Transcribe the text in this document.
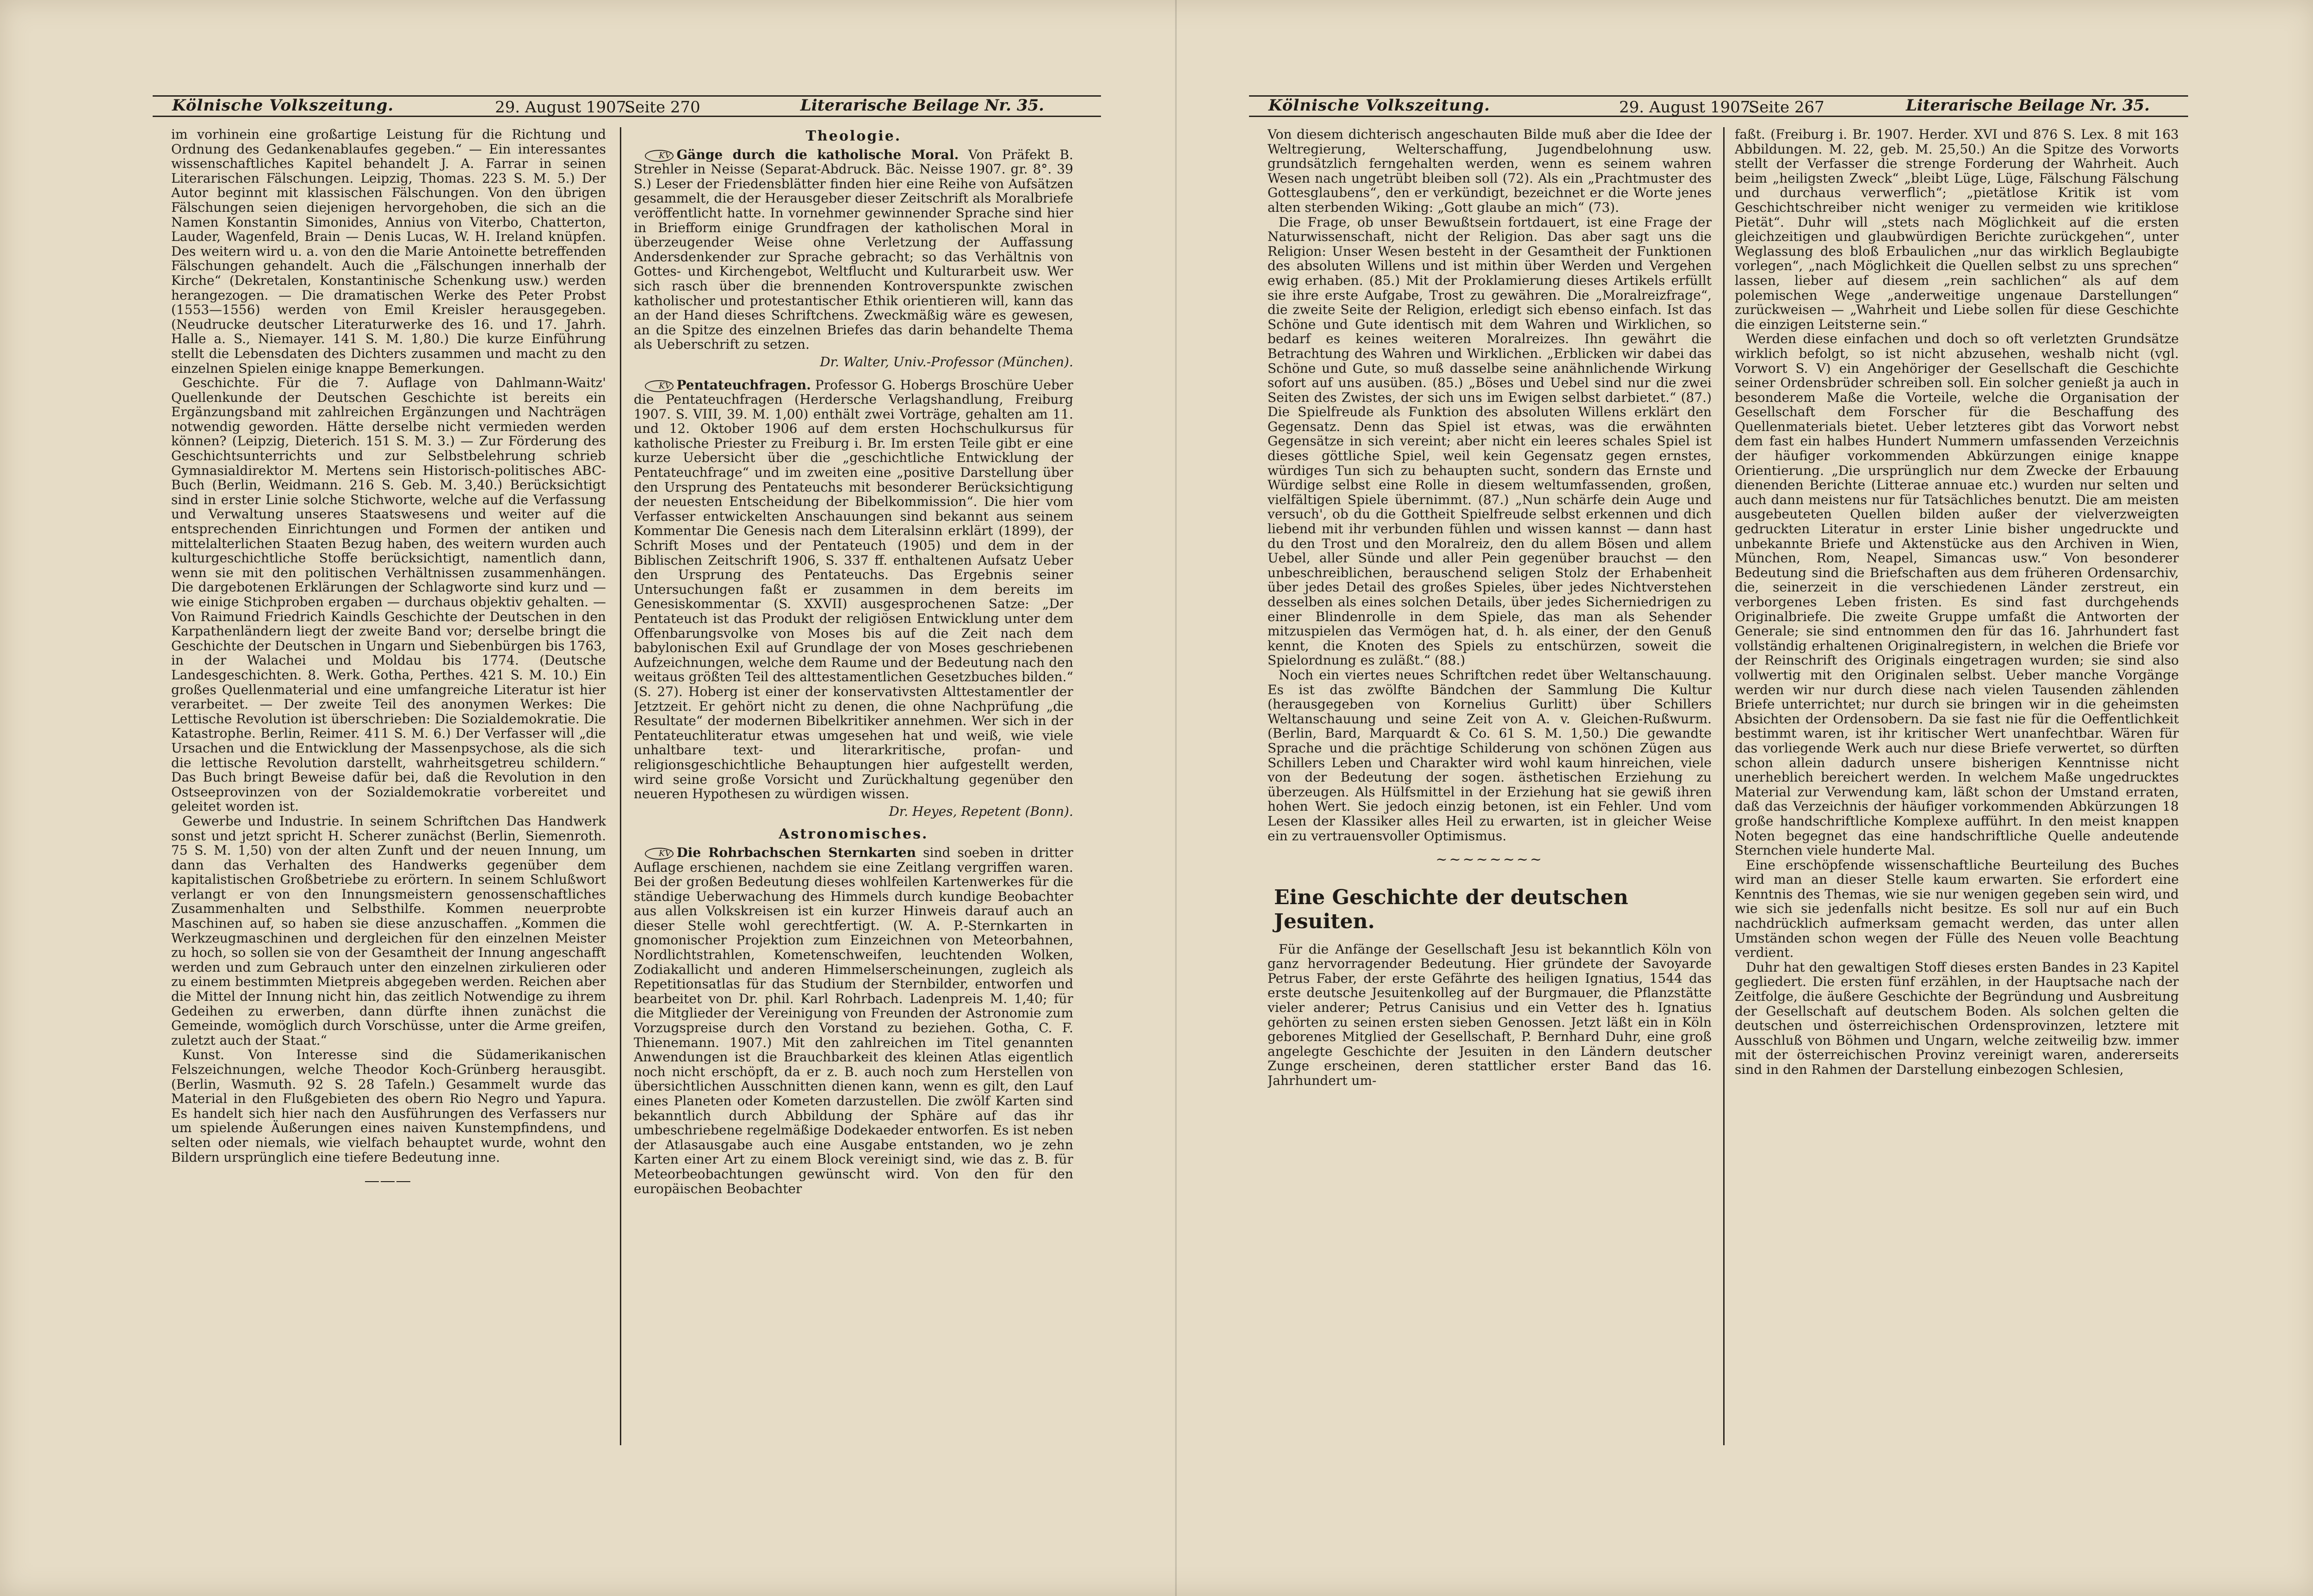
Kölnische Volkszeitung.	29. August 1907.
Seite 270	Literarische Beilage Nr. 35.

im vorhinein eine großartige Leistung für die Richtung und Ordnung des Gedankenablaufes gegeben.“ — Ein interessantes wissenschaftliches Kapitel behandelt J. A. Farrar in seinen Literarischen Fälschungen. Leipzig, Thomas. 223 S. M. 5.) Der Autor beginnt mit klassischen Fälschungen. Von den übrigen Fälschungen seien diejenigen hervorgehoben, die sich an die Namen Konstantin Simonides, Annius von Viterbo, Chatterton, Lauder, Wagenfeld, Brain — Denis Lucas, W. H. Ireland knüpfen. Des weitern wird u. a. von den die Marie Antoinette betreffenden Fälschungen gehandelt. Auch die „Fälschungen innerhalb der Kirche“ (Dekretalen, Konstantinische Schenkung usw.) werden herangezogen. — Die dramatischen Werke des Peter Probst (1553—1556) werden von Emil Kreisler herausgegeben. (Neudrucke deutscher Literaturwerke des 16. und 17. Jahrh. Halle a. S., Niemayer. 141 S. M. 1,80.) Die kurze Einführung stellt die Lebensdaten des Dichters zusammen und macht zu den einzelnen Spielen einige knappe Bemerkungen.

Geschichte. Für die 7. Auflage von Dahlmann-Waitz' Quellenkunde der Deutschen Geschichte ist bereits ein Ergänzungsband mit zahlreichen Ergänzungen und Nachträgen notwendig geworden. Hätte derselbe nicht vermieden werden können? (Leipzig, Dieterich. 151 S. M. 3.) — Zur Förderung des Geschichtsunterrichts und zur Selbstbelehrung schrieb Gymnasialdirektor M. Mertens sein Historisch-politisches ABC-Buch (Berlin, Weidmann. 216 S. Geb. M. 3,40.) Berücksichtigt sind in erster Linie solche Stichworte, welche auf die Verfassung und Verwaltung unseres Staatswesens und weiter auf die entsprechenden Einrichtungen und Formen der antiken und mittelalterlichen Staaten Bezug haben, des weitern wurden auch kulturgeschichtliche Stoffe berücksichtigt, namentlich dann, wenn sie mit den politischen Verhältnissen zusammenhängen. Die dargebotenen Erklärungen der Schlagworte sind kurz und — wie einige Stichproben ergaben — durchaus objektiv gehalten. — Von Raimund Friedrich Kaindls Geschichte der Deutschen in den Karpathenländern liegt der zweite Band vor; derselbe bringt die Geschichte der Deutschen in Ungarn und Siebenbürgen bis 1763, in der Walachei und Moldau bis 1774. (Deutsche Landesgeschichten. 8. Werk. Gotha, Perthes. 421 S. M. 10.) Ein großes Quellenmaterial und eine umfangreiche Literatur ist hier verarbeitet. — Der zweite Teil des anonymen Werkes: Die Lettische Revolution ist überschrieben: Die Sozialdemokratie. Die Katastrophe. Berlin, Reimer. 411 S. M. 6.) Der Verfasser will „die Ursachen und die Entwicklung der Massenpsychose, als die sich die lettische Revolution darstellt, wahrheitsgetreu schildern.“ Das Buch bringt Beweise dafür bei, daß die Revolution in den Ostseeprovinzen von der Sozialdemokratie vorbereitet und geleitet worden ist.

Gewerbe und Industrie. In seinem Schriftchen Das Handwerk sonst und jetzt spricht H. Scherer zunächst (Berlin, Siemenroth. 75 S. M. 1,50) von der alten Zunft und der neuen Innung, um dann das Verhalten des Handwerks gegenüber dem kapitalistischen Großbetriebe zu erörtern. In seinem Schlußwort verlangt er von den Innungsmeistern genossenschaftliches Zusammenhalten und Selbsthilfe. Kommen neuerprobte Maschinen auf, so haben sie diese anzuschaffen. „Kommen die Werkzeugmaschinen und dergleichen für den einzelnen Meister zu hoch, so sollen sie von der Gesamtheit der Innung angeschafft werden und zum Gebrauch unter den einzelnen zirkulieren oder zu einem bestimmten Mietpreis abgegeben werden. Reichen aber die Mittel der Innung nicht hin, das zeitlich Notwendige zu ihrem Gedeihen zu erwerben, dann dürfte ihnen zunächst die Gemeinde, womöglich durch Vorschüsse, unter die Arme greifen, zuletzt auch der Staat.“

Kunst. Von Interesse sind die Südamerikanischen Felszeichnungen, welche Theodor Koch-Grünberg herausgibt. (Berlin, Wasmuth. 92 S. 28 Tafeln.) Gesammelt wurde das Material in den Flußgebieten des obern Rio Negro und Yapura. Es handelt sich hier nach den Ausführungen des Verfassers nur um spielende Äußerungen eines naiven Kunstempfindens, und selten oder niemals, wie vielfach behauptet wurde, wohnt den Bildern ursprünglich eine tiefere Bedeutung inne.

―――
Theologie.

KV Gänge durch die katholische Moral. Von Präfekt B. Strehler in Neisse (Separat-Abdruck. Bäc. Neisse 1907. gr. 8°. 39 S.) Leser der Friedensblätter finden hier eine Reihe von Aufsätzen gesammelt, die der Herausgeber dieser Zeitschrift als Moralbriefe veröffentlicht hatte. In vornehmer gewinnender Sprache sind hier in Briefform einige Grundfragen der katholischen Moral in überzeugender Weise ohne Verletzung der Auffassung Andersdenkender zur Sprache gebracht; so das Verhältnis von Gottes- und Kirchengebot, Weltflucht und Kulturarbeit usw. Wer sich rasch über die brennenden Kontroverspunkte zwischen katholischer und protestantischer Ethik orientieren will, kann das an der Hand dieses Schriftchens. Zweckmäßig wäre es gewesen, an die Spitze des einzelnen Briefes das darin behandelte Thema als Ueberschrift zu setzen.

Dr. Walter, Univ.-Professor (München).

KV Pentateuchfragen. Professor G. Hobergs Broschüre Ueber die Pentateuchfragen (Herdersche Verlagshandlung, Freiburg 1907. S. VIII, 39. M. 1,00) enthält zwei Vorträge, gehalten am 11. und 12. Oktober 1906 auf dem ersten Hochschulkursus für katholische Priester zu Freiburg i. Br. Im ersten Teile gibt er eine kurze Uebersicht über die „geschichtliche Entwicklung der Pentateuchfrage“ und im zweiten eine „positive Darstellung über den Ursprung des Pentateuchs mit besonderer Berücksichtigung der neuesten Entscheidung der Bibelkommission“. Die hier vom Verfasser entwickelten Anschauungen sind bekannt aus seinem Kommentar Die Genesis nach dem Literalsinn erklärt (1899), der Schrift Moses und der Pentateuch (1905) und dem in der Biblischen Zeitschrift 1906, S. 337 ff. enthaltenen Aufsatz Ueber den Ursprung des Pentateuchs. Das Ergebnis seiner Untersuchungen faßt er zusammen in dem bereits im Genesiskommentar (S. XXVII) ausgesprochenen Satze: „Der Pentateuch ist das Produkt der religiösen Entwicklung unter dem Offenbarungsvolke von Moses bis auf die Zeit nach dem babylonischen Exil auf Grundlage der von Moses geschriebenen Aufzeichnungen, welche dem Raume und der Bedeutung nach den weitaus größten Teil des alttestamentlichen Gesetzbuches bilden.“ (S. 27). Hoberg ist einer der konservativsten Alttestamentler der Jetztzeit. Er gehört nicht zu denen, die ohne Nachprüfung „die Resultate“ der modernen Bibelkritiker annehmen. Wer sich in der Pentateuchliteratur etwas umgesehen hat und weiß, wie viele unhaltbare text- und literarkritische, profan- und religionsgeschichtliche Behauptungen hier aufgestellt werden, wird seine große Vorsicht und Zurückhaltung gegenüber den neueren Hypothesen zu würdigen wissen.

Dr. Heyes, Repetent (Bonn).
Astronomisches.

KV Die Rohrbachschen Sternkarten sind soeben in dritter Auflage erschienen, nachdem sie eine Zeitlang vergriffen waren. Bei der großen Bedeutung dieses wohlfeilen Kartenwerkes für die ständige Ueberwachung des Himmels durch kundige Beobachter aus allen Volkskreisen ist ein kurzer Hinweis darauf auch an dieser Stelle wohl gerechtfertigt. (W. A. P.-Sternkarten in gnomonischer Projektion zum Einzeichnen von Meteorbahnen, Nordlichtstrahlen, Kometenschweifen, leuchtenden Wolken, Zodiakallicht und anderen Himmelserscheinungen, zugleich als Repetitionsatlas für das Studium der Sternbilder, entworfen und bearbeitet von Dr. phil. Karl Rohrbach. Ladenpreis M. 1,40; für die Mitglieder der Vereinigung von Freunden der Astronomie zum Vorzugspreise durch den Vorstand zu beziehen. Gotha, C. F. Thienemann. 1907.) Mit den zahlreichen im Titel genannten Anwendungen ist die Brauchbarkeit des kleinen Atlas eigentlich noch nicht erschöpft, da er z. B. auch noch zum Herstellen von übersichtlichen Ausschnitten dienen kann, wenn es gilt, den Lauf eines Planeten oder Kometen darzustellen. Die zwölf Karten sind bekanntlich durch Abbildung der Sphäre auf das ihr umbeschriebene regelmäßige Dodekaeder entworfen. Es ist neben der Atlasausgabe auch eine Ausgabe entstanden, wo je zehn Karten einer Art zu einem Block vereinigt sind, wie das z. B. für Meteorbeobachtungen gewünscht wird. Von den für den europäischen Beobachter

Kölnische Volkszeitung.	29. August 1907.
Seite 267	Literarische Beilage Nr. 35.

Von diesem dichterisch angeschauten Bilde muß aber die Idee der Weltregierung, Welterschaffung, Jugendbelohnung usw. grundsätzlich ferngehalten werden, wenn es seinem wahren Wesen nach ungetrübt bleiben soll (72). Als ein „Prachtmuster des Gottesglaubens“, den er verkündigt, bezeichnet er die Worte jenes alten sterbenden Wiking: „Gott glaube an mich“ (73).

Die Frage, ob unser Bewußtsein fortdauert, ist eine Frage der Naturwissenschaft, nicht der Religion. Das aber sagt uns die Religion: Unser Wesen besteht in der Gesamtheit der Funktionen des absoluten Willens und ist mithin über Werden und Vergehen ewig erhaben. (85.) Mit der Proklamierung dieses Artikels erfüllt sie ihre erste Aufgabe, Trost zu gewähren. Die „Moralreizfrage“, die zweite Seite der Religion, erledigt sich ebenso einfach. Ist das Schöne und Gute identisch mit dem Wahren und Wirklichen, so bedarf es keines weiteren Moralreizes. Ihn gewährt die Betrachtung des Wahren und Wirklichen. „Erblicken wir dabei das Schöne und Gute, so muß dasselbe seine anähnlichende Wirkung sofort auf uns ausüben. (85.) „Böses und Uebel sind nur die zwei Seiten des Zwistes, der sich uns im Ewigen selbst darbietet.“ (87.) Die Spielfreude als Funktion des absoluten Willens erklärt den Gegensatz. Denn das Spiel ist etwas, was die erwähnten Gegensätze in sich vereint; aber nicht ein leeres schales Spiel ist dieses göttliche Spiel, weil kein Gegensatz gegen ernstes, würdiges Tun sich zu behaupten sucht, sondern das Ernste und Würdige selbst eine Rolle in diesem weltumfassenden, großen, vielfältigen Spiele übernimmt. (87.) „Nun schärfe dein Auge und versuch', ob du die Gottheit Spielfreude selbst erkennen und dich liebend mit ihr verbunden fühlen und wissen kannst — dann hast du den Trost und den Moralreiz, den du allem Bösen und allem Uebel, aller Sünde und aller Pein gegenüber brauchst — den unbeschreiblichen, berauschend seligen Stolz der Erhabenheit über jedes Detail des großes Spieles, über jedes Nichtverstehen desselben als eines solchen Details, über jedes Sicherniedrigen zu einer Blindenrolle in dem Spiele, das man als Sehender mitzuspielen das Vermögen hat, d. h. als einer, der den Genuß kennt, die Knoten des Spiels zu entschürzen, soweit die Spielordnung es zuläßt.“ (88.)

Noch ein viertes neues Schriftchen redet über Weltanschauung. Es ist das zwölfte Bändchen der Sammlung Die Kultur (herausgegeben von Kornelius Gurlitt) über Schillers Weltanschauung und seine Zeit von A. v. Gleichen-Rußwurm. (Berlin, Bard, Marquardt & Co. 61 S. M. 1,50.) Die gewandte Sprache und die prächtige Schilderung von schönen Zügen aus Schillers Leben und Charakter wird wohl kaum hinreichen, viele von der Bedeutung der sogen. ästhetischen Erziehung zu überzeugen. Als Hülfsmittel in der Erziehung hat sie gewiß ihren hohen Wert. Sie jedoch einzig betonen, ist ein Fehler. Und vom Lesen der Klassiker alles Heil zu erwarten, ist in gleicher Weise ein zu vertrauensvoller Optimismus.

~~~~~~~~
Eine Geschichte der deutschen Jesuiten.

Für die Anfänge der Gesellschaft Jesu ist bekanntlich Köln von ganz hervorragender Bedeutung. Hier gründete der Savoyarde Petrus Faber, der erste Gefährte des heiligen Ignatius, 1544 das erste deutsche Jesuitenkolleg auf der Burgmauer, die Pflanzstätte vieler anderer; Petrus Canisius und ein Vetter des h. Ignatius gehörten zu seinen ersten sieben Genossen. Jetzt läßt ein in Köln geborenes Mitglied der Gesellschaft, P. Bernhard Duhr, eine groß angelegte Geschichte der Jesuiten in den Ländern deutscher Zunge erscheinen, deren stattlicher erster Band das 16. Jahrhundert um-

faßt. (Freiburg i. Br. 1907. Herder. XVI und 876 S. Lex. 8 mit 163 Abbildungen. M. 22, geb. M. 25,50.) An die Spitze des Vorworts stellt der Verfasser die strenge Forderung der Wahrheit. Auch beim „heiligsten Zweck“ „bleibt Lüge, Lüge, Fälschung Fälschung und durchaus verwerflich“; „pietätlose Kritik ist vom Geschichtschreiber nicht weniger zu vermeiden wie kritiklose Pietät“. Duhr will „stets nach Möglichkeit auf die ersten gleichzeitigen und glaubwürdigen Berichte zurückgehen“, unter Weglassung des bloß Erbaulichen „nur das wirklich Beglaubigte vorlegen“, „nach Möglichkeit die Quellen selbst zu uns sprechen“ lassen, lieber auf diesem „rein sachlichen“ als auf dem polemischen Wege „anderweitige ungenaue Darstellungen“ zurückweisen — „Wahrheit und Liebe sollen für diese Geschichte die einzigen Leitsterne sein.“

Werden diese einfachen und doch so oft verletzten Grundsätze wirklich befolgt, so ist nicht abzusehen, weshalb nicht (vgl. Vorwort S. V) ein Angehöriger der Gesellschaft die Geschichte seiner Ordensbrüder schreiben soll. Ein solcher genießt ja auch in besonderem Maße die Vorteile, welche die Organisation der Gesellschaft dem Forscher für die Beschaffung des Quellenmaterials bietet. Ueber letzteres gibt das Vorwort nebst dem fast ein halbes Hundert Nummern umfassenden Verzeichnis der häufiger vorkommenden Abkürzungen einige knappe Orientierung. „Die ursprünglich nur dem Zwecke der Erbauung dienenden Berichte (Litterae annuae etc.) wurden nur selten und auch dann meistens nur für Tatsächliches benutzt. Die am meisten ausgebeuteten Quellen bilden außer der vielverzweigten gedruckten Literatur in erster Linie bisher ungedruckte und unbekannte Briefe und Aktenstücke aus den Archiven in Wien, München, Rom, Neapel, Simancas usw.“ Von besonderer Bedeutung sind die Briefschaften aus dem früheren Ordensarchiv, die, seinerzeit in die verschiedenen Länder zerstreut, ein verborgenes Leben fristen. Es sind fast durchgehends Originalbriefe. Die zweite Gruppe umfaßt die Antworten der Generale; sie sind entnommen den für das 16. Jahrhundert fast vollständig erhaltenen Originalregistern, in welchen die Briefe vor der Reinschrift des Originals eingetragen wurden; sie sind also vollwertig mit den Originalen selbst. Ueber manche Vorgänge werden wir nur durch diese nach vielen Tausenden zählenden Briefe unterrichtet; nur durch sie bringen wir in die geheimsten Absichten der Ordensobern. Da sie fast nie für die Oeffentlichkeit bestimmt waren, ist ihr kritischer Wert unanfechtbar. Wären für das vorliegende Werk auch nur diese Briefe verwertet, so dürften schon allein dadurch unsere bisherigen Kenntnisse nicht unerheblich bereichert werden. In welchem Maße ungedrucktes Material zur Verwendung kam, läßt schon der Umstand erraten, daß das Verzeichnis der häufiger vorkommenden Abkürzungen 18 große handschriftliche Komplexe aufführt. In den meist knappen Noten begegnet das eine handschriftliche Quelle andeutende Sternchen viele hunderte Mal.

Eine erschöpfende wissenschaftliche Beurteilung des Buches wird man an dieser Stelle kaum erwarten. Sie erfordert eine Kenntnis des Themas, wie sie nur wenigen gegeben sein wird, und wie sich sie jedenfalls nicht besitze. Es soll nur auf ein Buch nachdrücklich aufmerksam gemacht werden, das unter allen Umständen schon wegen der Fülle des Neuen volle Beachtung verdient.

Duhr hat den gewaltigen Stoff dieses ersten Bandes in 23 Kapitel gegliedert. Die ersten fünf erzählen, in der Hauptsache nach der Zeitfolge, die äußere Geschichte der Begründung und Ausbreitung der Gesellschaft auf deutschem Boden. Als solchen gelten die deutschen und österreichischen Ordensprovinzen, letztere mit Ausschluß von Böhmen und Ungarn, welche zeitweilig bzw. immer mit der österreichischen Provinz vereinigt waren, andererseits sind in den Rahmen der Darstellung einbezogen Schlesien,
